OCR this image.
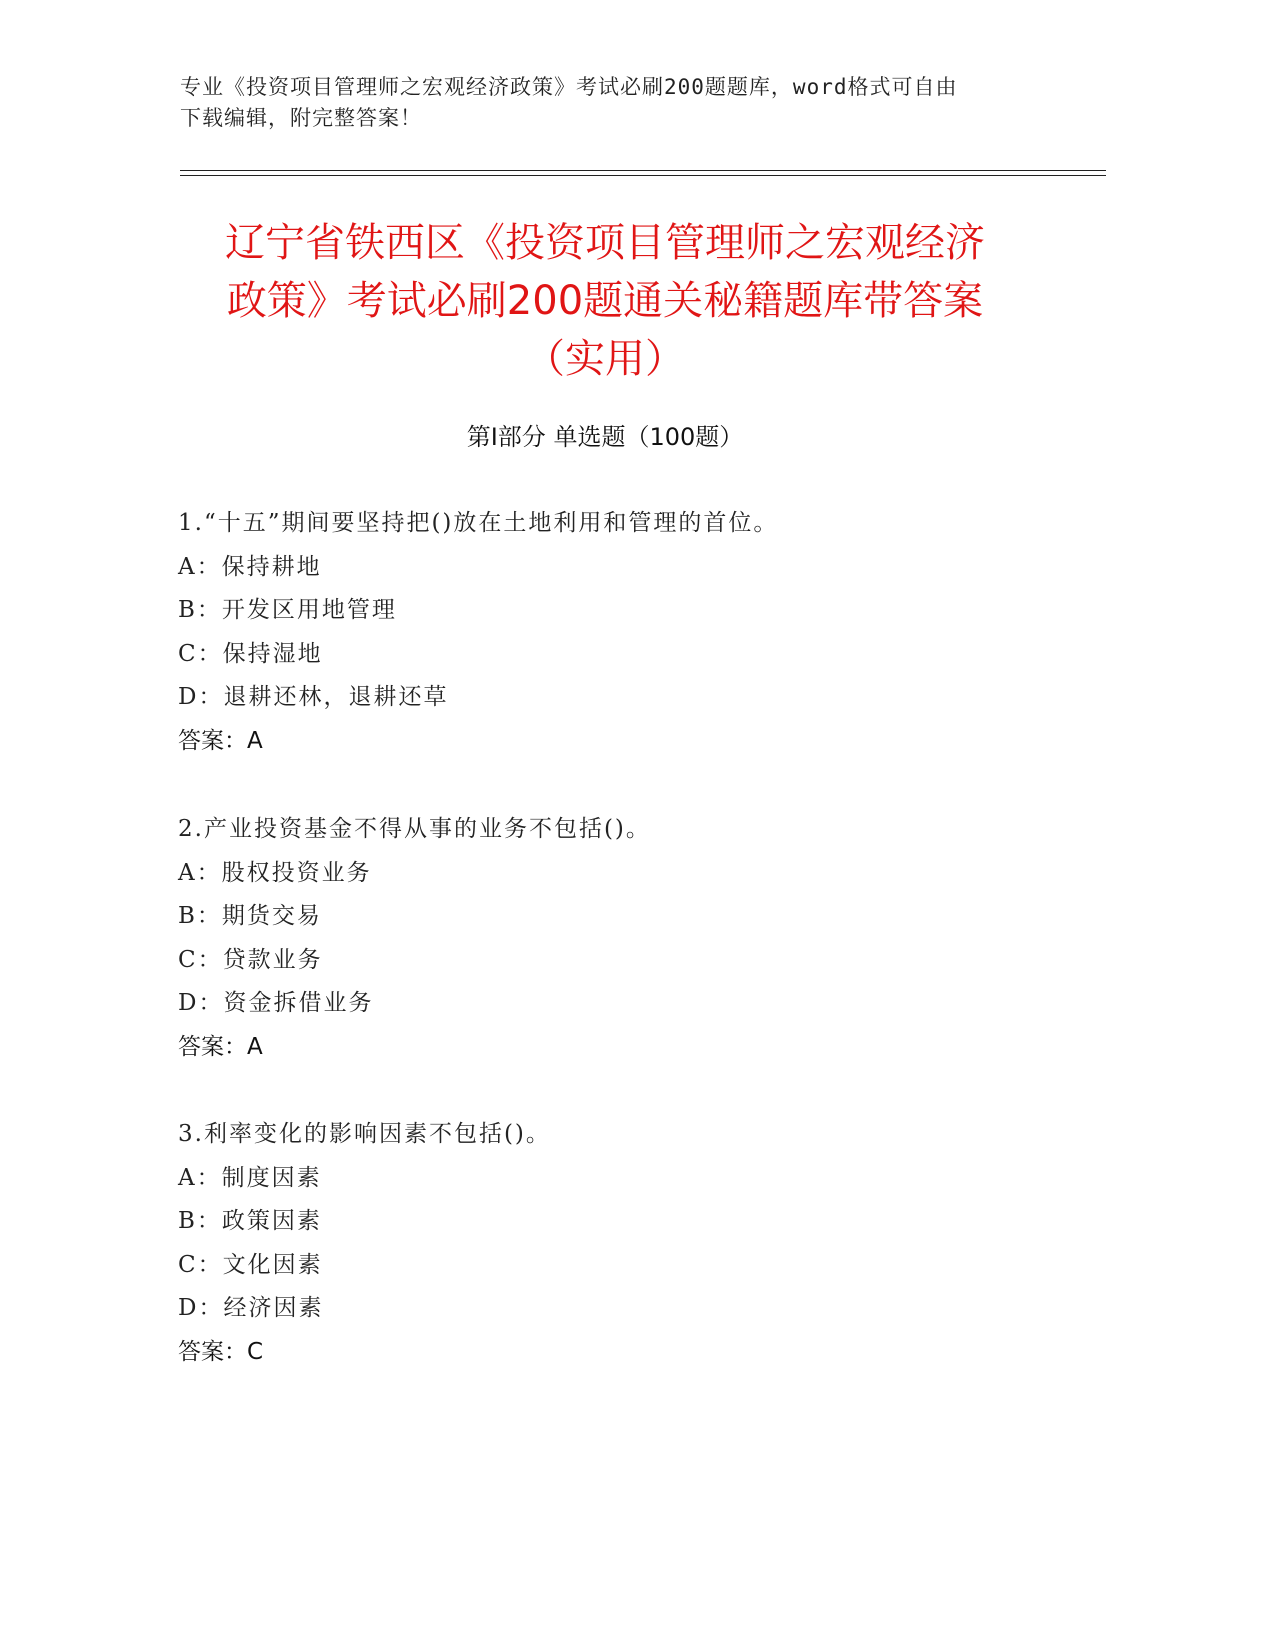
专业《投资项目管理师之宏观经济政策》考试必刷200题题库，word格式可自由
下载编辑，附完整答案！
辽宁省铁西区《投资项目管理师之宏观经济
政策》考试必刷200题通关秘籍题库带答案
（实用）
第Ⅰ部分 单选题（100题）
1.“十五”期间要坚持把()放在土地利用和管理的首位。
A：保持耕地
B：开发区用地管理
C：保持湿地
D：退耕还林，退耕还草
答案：A
2.产业投资基金不得从事的业务不包括()。
A：股权投资业务
B：期货交易
C：贷款业务
D：资金拆借业务
答案：A
3.利率变化的影响因素不包括()。
A：制度因素
B：政策因素
C：文化因素
D：经济因素
答案：C
